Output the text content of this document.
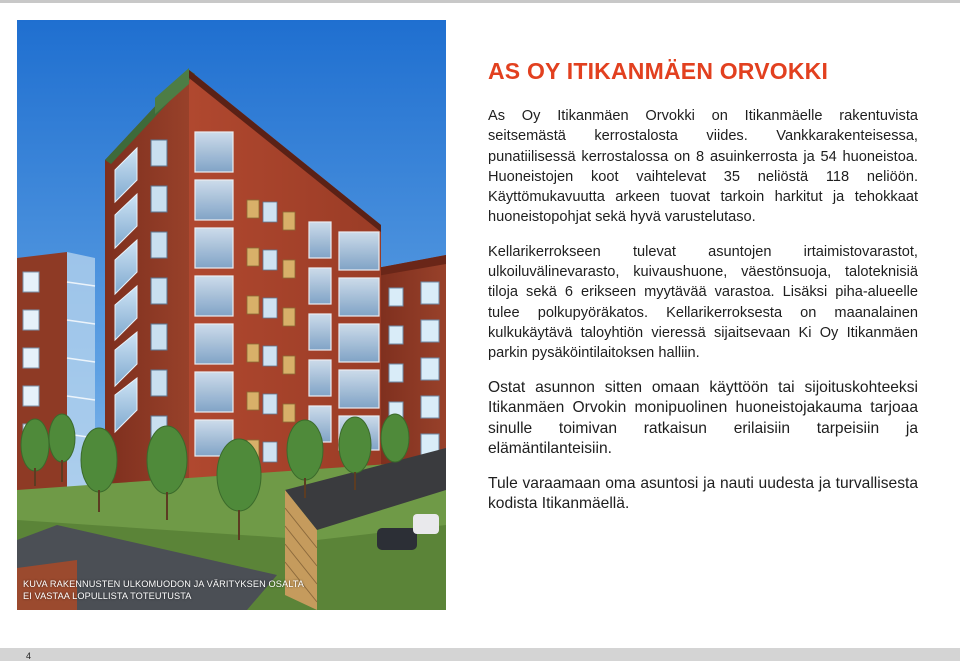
KUVA RAKENNUSTEN ULKOMUODON JA VÄRITYKSEN OSALTA
EI VASTAA LOPULLISTA TOTEUTUSTA
AS OY ITIKANMÄEN ORVOKKI

As Oy Itikanmäen Orvokki on Itikanmäelle rakentuvista seitsemästä kerrostalosta viides. Vankkarakenteisessa, punatiilisessä kerrostalossa on 8 asuinkerrosta ja 54 huoneistoa. Huoneistojen koot vaihtelevat 35 neliöstä 118 neliöön. Käyttömukavuutta arkeen tuovat tarkoin harkitut ja tehokkaat huoneistopohjat sekä hyvä varustelutaso.

Kellarikerrokseen tulevat asuntojen irtaimistovarastot, ulkoiluvälinevarasto, kuivaushuone, väestönsuoja, taloteknisiä tiloja sekä 6 erikseen myytävää varastoa. Lisäksi piha-alueelle tulee polkupyöräkatos. Kellarikerroksesta on maanalainen kulkukäytävä taloyhtiön vieressä sijaitsevaan Ki Oy Itikanmäen parkin pysäköintilaitoksen halliin.

Ostat asunnon sitten omaan käyttöön tai sijoituskohteeksi Itikanmäen Orvokin monipuolinen huoneistojakauma tarjoaa sinulle toimivan ratkaisun erilaisiin tarpeisiin ja elämäntilanteisiin.

Tule varaamaan oma asuntosi ja nauti uudesta ja turvallisesta kodista Itikanmäellä.

4
